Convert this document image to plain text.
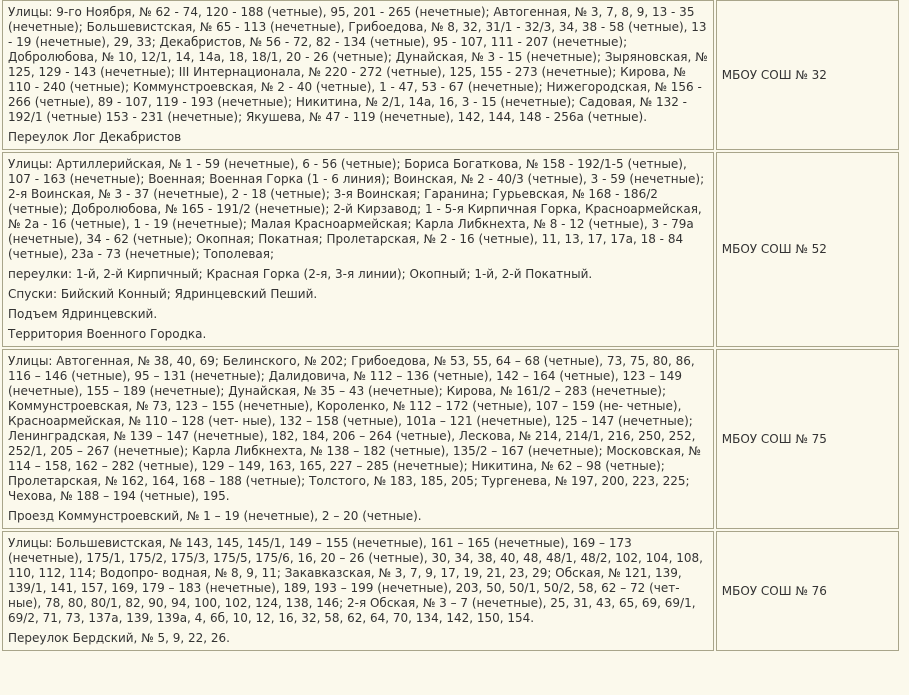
Улицы: 9-го Ноября, № 62 - 74, 120 - 188 (четные), 95, 201 - 265 (нечетные); Автогенная, № 3, 7, 8, 9, 13 - 35 (нечетные); Большевистская, № 65 - 113 (нечетные), Грибоедова, № 8, 32, 31/1 - 32/3, 34, 38 - 58 (четные), 13 - 19 (нечетные), 29, 33; Декабристов, № 56 - 72, 82 - 134 (четные), 95 - 107, 111 - 207 (нечетные); Добролюбова, № 10, 12/1, 14, 14а, 18, 18/1, 20 - 26 (четные); Дунайская, № 3 - 15 (нечетные); Зыряновская, № 125, 129 - 143 (нечетные); III Интернационала, № 220 - 272 (четные), 125, 155 - 273 (нечетные); Кирова, № 110 - 240 (четные); Коммунстроевская, № 2 - 40 (четные), 1 - 47, 53 - 67 (нечетные); Нижегородская, № 156 - 266 (четные), 89 - 107, 119 - 193 (нечетные); Никитина, № 2/1, 14а, 16, 3 - 15 (нечетные); Садовая, № 132 - 192/1 (четные) 153 - 231 (нечетные); Якушева, № 47 - 119 (нечетные), 142, 144, 148 - 256а (четные).

Переулок Лог Декабристов	МБОУ СОШ № 32

Улицы: Артиллерийская, № 1 - 59 (нечетные), 6 - 56 (четные); Бориса Богаткова, № 158 - 192/1-5 (четные), 107 - 163 (нечетные); Военная; Военная Горка (1 - 6 линия); Воинская, № 2 - 40/3 (четные), 3 - 59 (нечетные); 2-я Воинская, № 3 - 37 (нечетные), 2 - 18 (четные); 3-я Воинская; Гаранина; Гурьевская, № 168 - 186/2 (четные); Добролюбова, № 165 - 191/2 (нечетные); 2-й Кирзавод; 1 - 5-я Кирпичная Горка, Красноармейская, № 2а - 16 (четные), 1 - 19 (нечетные); Малая Красноармейская; Карла Либкнехта, № 8 - 12 (четные), 3 - 79а (нечетные), 34 - 62 (четные); Окопная; Покатная; Пролетарская, № 2 - 16 (четные), 11, 13, 17, 17а, 18 - 84 (четные), 23а - 73 (нечетные); Тополевая;

переулки: 1-й, 2-й Кирпичный; Красная Горка (2-я, 3-я линии); Окопный; 1-й, 2-й Покатный.

Спуски: Бийский Конный; Ядринцевский Пеший.

Подъем Ядринцевский.

Территория Военного Городка.	МБОУ СОШ № 52

Улицы: Автогенная, № 38, 40, 69; Белинского, № 202; Грибоедова, № 53, 55, 64 – 68 (четные), 73, 75, 80, 86, 116 – 146 (четные), 95 – 131 (нечетные); Далидовича, № 112 – 136 (четные), 142 – 164 (четные), 123 – 149 (нечетные), 155 – 189 (нечетные); Дунайская, № 35 – 43 (нечетные); Кирова, № 161/2 – 283 (нечетные); Коммунстроевская, № 73, 123 – 155 (нечетные), Короленко, № 112 – 172 (четные), 107 – 159 (не- четные), Красноармейская, № 110 – 128 (чет- ные), 132 – 158 (четные), 101а – 121 (нечетные), 125 – 147 (нечетные); Ленинградская, № 139 – 147 (нечетные), 182, 184, 206 – 264 (четные), Лескова, № 214, 214/1, 216, 250, 252, 252/1, 205 – 267 (нечетные); Карла Либкнехта, № 138 – 182 (четные), 135/2 – 167 (нечетные); Московская, № 114 – 158, 162 – 282 (четные), 129 – 149, 163, 165, 227 – 285 (нечетные); Никитина, № 62 – 98 (четные); Пролетарская, № 162, 164, 168 – 188 (четные); Толстого, № 183, 185, 205; Тургенева, № 197, 200, 223, 225; Чехова, № 188 – 194 (четные), 195.

Проезд Коммунстроевский, № 1 – 19 (нечетные), 2 – 20 (четные).	МБОУ СОШ № 75

Улицы: Большевистская, № 143, 145, 145/1, 149 – 155 (нечетные), 161 – 165 (нечетные), 169 – 173 (нечетные), 175/1, 175/2, 175/3, 175/5, 175/6, 16, 20 – 26 (четные), 30, 34, 38, 40, 48, 48/1, 48/2, 102, 104, 108, 110, 112, 114; Водопро- водная, № 8, 9, 11; Закавказская, № 3, 7, 9, 17, 19, 21, 23, 29; Обская, № 121, 139, 139/1, 141, 157, 169, 179 – 183 (нечетные), 189, 193 – 199 (нечетные), 203, 50, 50/1, 50/2, 58, 62 – 72 (чет- ные), 78, 80, 80/1, 82, 90, 94, 100, 102, 124, 138, 146; 2-я Обская, № 3 – 7 (нечетные), 25, 31, 43, 65, 69, 69/1, 69/2, 71, 73, 137а, 139, 139а, 4, 6б, 10, 12, 16, 32, 58, 62, 64, 70, 134, 142, 150, 154.

Переулок Бердский, № 5, 9, 22, 26.	МБОУ СОШ № 76
